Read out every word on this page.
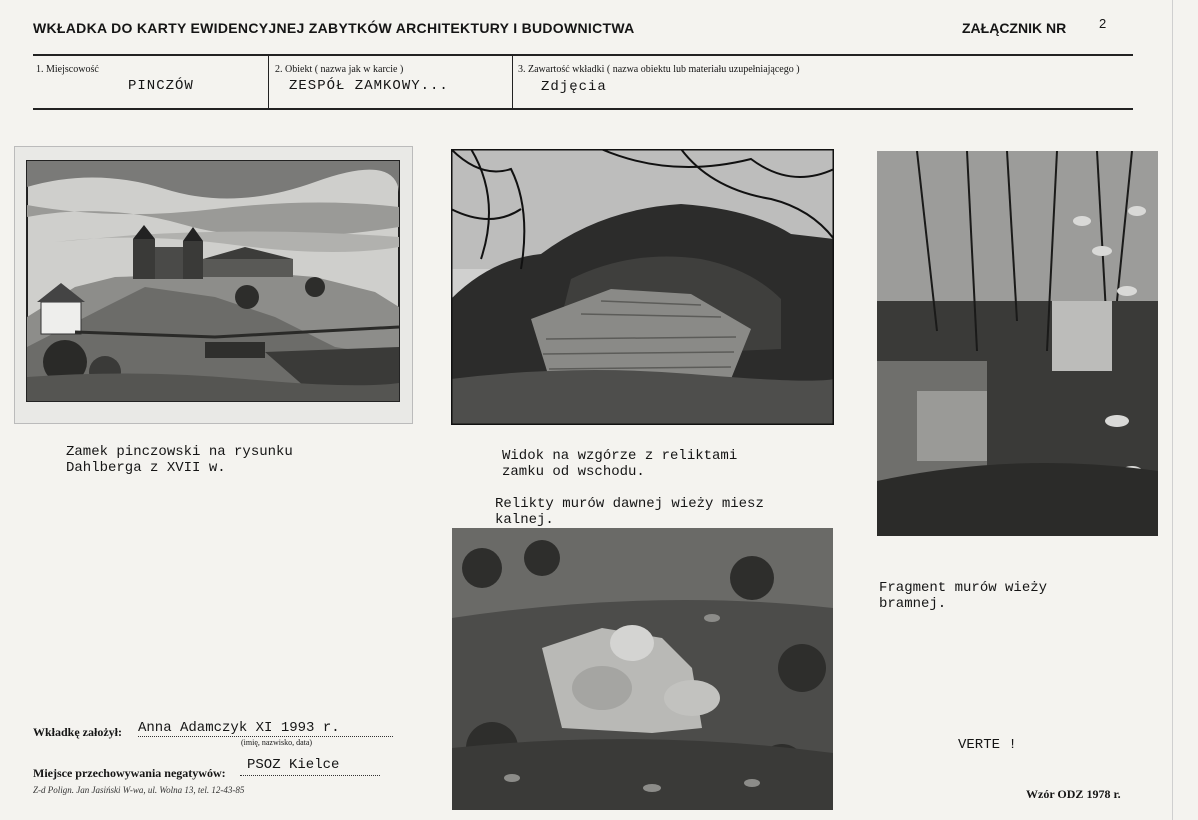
WKŁADKA DO KARTY EWIDENCYJNEJ ZABYTKÓW ARCHITEKTURY I BUDOWNICTWA	ZAŁĄCZNIK NR	2
1. Miejscowość
PINCZÓW
2. Obiekt ( nazwa jak w karcie )
ZESPÓŁ ZAMKOWY...
3. Zawartość wkładki ( nazwa obiektu lub materiału uzupełniającego )
Zdjęcia
Zamek pinczowski na rysunku
Dahlberga z XVII w.
Widok na wzgórze z reliktami
zamku od wschodu.
Relikty murów dawnej wieży miesz
kalnej.
Fragment murów wieży
bramnej.
Wkładkę założył: Anna Adamczyk XI 1993 r.
(imię, nazwisko, data)
Miejsce przechowywania negatywów: PSOZ Kielce
Z-d Polign. Jan Jasiński W-wa, ul. Wolna 13, tel. 12-43-85
VERTE !
Wzór ODZ 1978 r.
